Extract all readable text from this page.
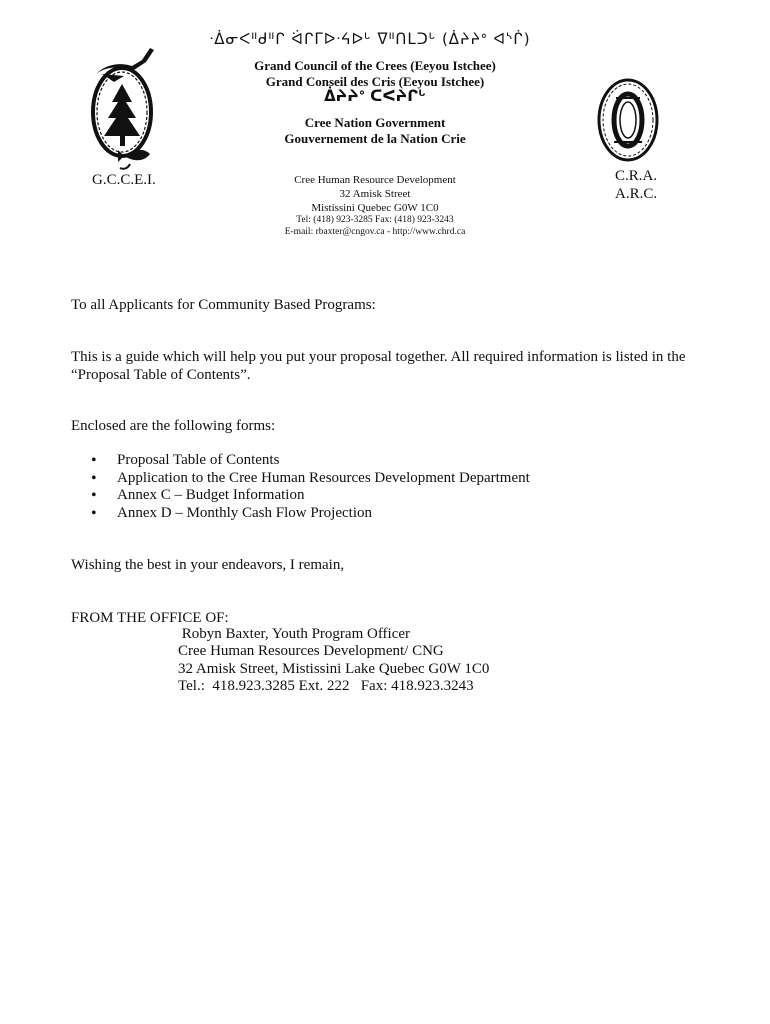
ᐧᐄᓂᐸᐦᑯᐦᒋ ᐛᒋᒥᐅᐧᔦᐅᒡ ᐁᐦᑎᒪᑐᒡ (ᐄᔨᔨᐤ ᐊᔅᒌ)
Grand Council of the Crees (Eeyou Istchee)
Grand Conseil des Cris (Eeyou Istchee)
ᐄᔨᔨᐤ ᑕᐸᔨᒋᒡ
Cree Nation Government
Gouvernement de la Nation Crie
G.C.C.E.I.	C.R.A.
A.R.C.
Cree Human Resource Development
32 Amisk Street
Mistissini Quebec G0W 1C0
Tel: (418) 923-3285 Fax: (418) 923-3243
E-mail: rbaxter@cngov.ca - http://www.chrd.ca
To all Applicants for Community Based Programs:
This is a guide which will help you put your proposal together. All required information is listed in the “Proposal Table of Contents”.
Enclosed are the following forms:
• Proposal Table of Contents
• Application to the Cree Human Resources Development Department
• Annex C – Budget Information
• Annex D – Monthly Cash Flow Projection
Wishing the best in your endeavors, I remain,
FROM THE OFFICE OF:
Robyn Baxter, Youth Program Officer
Cree Human Resources Development/ CNG
32 Amisk Street, Mistissini Lake Quebec G0W 1C0
Tel.:  418.923.3285 Ext. 222   Fax: 418.923.3243
